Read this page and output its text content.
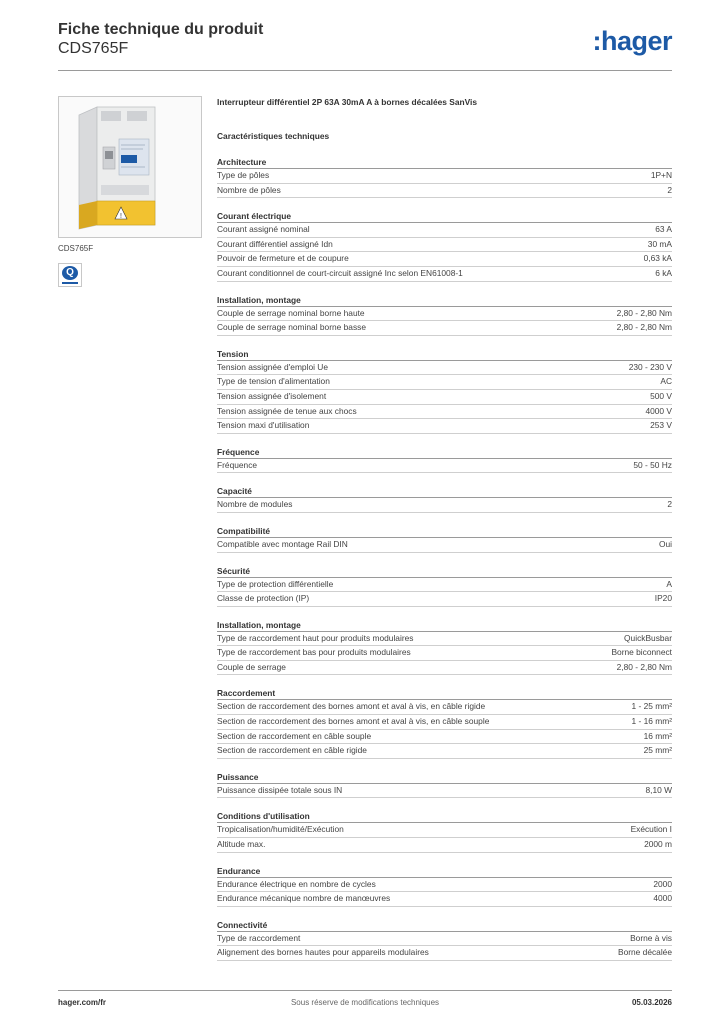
Fiche technique du produit
CDS765F	:hager
!
CDS765F
Q
Interrupteur différentiel 2P 63A 30mA A à bornes décalées SanVis
Caractéristiques techniques
Architecture
Type de pôles	1P+N
Nombre de pôles	2
Courant électrique
Courant assigné nominal	63 A
Courant différentiel assigné Idn	30 mA
Pouvoir de fermeture et de coupure	0,63 kA
Courant conditionnel de court-circuit assigné Inc selon EN61008-1	6 kA
Installation, montage
Couple de serrage nominal borne haute	2,80 - 2,80 Nm
Couple de serrage nominal borne basse	2,80 - 2,80 Nm
Tension
Tension assignée d'emploi Ue	230 - 230 V
Type de tension d'alimentation	AC
Tension assignée d'isolement	500 V
Tension assignée de tenue aux chocs	4000 V
Tension maxi d'utilisation	253 V
Fréquence
Fréquence	50 - 50 Hz
Capacité
Nombre de modules	2
Compatibilité
Compatible avec montage Rail DIN	Oui
Sécurité
Type de protection différentielle	A
Classe de protection (IP)	IP20
Installation, montage
Type de raccordement haut pour produits modulaires	QuickBusbar
Type de raccordement bas pour produits modulaires	Borne biconnect
Couple de serrage	2,80 - 2,80 Nm
Raccordement
Section de raccordement des bornes amont et aval à vis, en câble rigide	1 - 25 mm²
Section de raccordement des bornes amont et aval à vis, en câble souple	1 - 16 mm²
Section de raccordement en câble souple	16 mm²
Section de raccordement en câble rigide	25 mm²
Puissance
Puissance dissipée totale sous IN	8,10 W
Conditions d'utilisation
Tropicalisation/humidité/Exécution	Exécution I
Altitude max.	2000 m
Endurance
Endurance électrique en nombre de cycles	2000
Endurance mécanique nombre de manœuvres	4000
Connectivité
Type de raccordement	Borne à vis
Alignement des bornes hautes pour appareils modulaires	Borne décalée
hager.com/fr	Sous réserve de modifications techniques	05.03.2026
